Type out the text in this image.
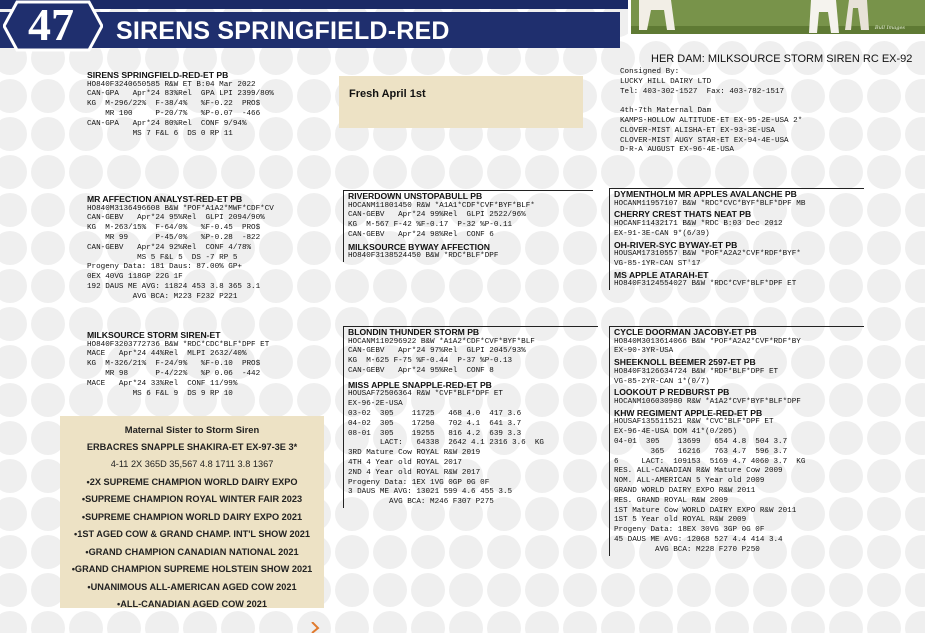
47	SIRENS SPRINGFIELD-RED	Bull Images
SIRENS SPRINGFIELD-RED-ET PB
HO840F3240650585 R&W ET B:04 Mar 2022
CAN-GPA   Apr*24 83%Rel  GPA LPI 2399/80%
KG  M-296/22%  F-38/4%   %F-0.22  PRO$
MR 100     P-20/7%   %P-0.07  -466
CAN-GPA   Apr*24 80%Rel  CONF 9/94%
MS 7 F&L 6  DS 0 RP 11
Fresh April 1st
HER DAM: MILKSOURCE STORM SIREN RC EX-92
Consigned By:
LUCKY HILL DAIRY LTD
Tel: 403-302-1527  Fax: 403-782-1517

4th-7th Maternal Dam
KAMPS-HOLLOW ALTITUDE-ET EX-95-2E-USA 2*
CLOVER-MIST ALISHA-ET EX-93-3E-USA
CLOVER-MIST AUGY STAR-ET EX-94-4E-USA
D-R-A AUGUST EX-96-4E-USA
MR AFFECTION ANALYST-RED-ET PB
HO840M3136496608 B&W *POF*A1A2*MWF*CDF*CV
CAN-GEBV   Apr*24 95%Rel  GLPI 2094/90%
KG  M-263/15%  F-64/0%   %F-0.45  PRO$
MR 99      P-45/0%   %P-0.28  -822
CAN-GEBV   Apr*24 92%Rel  CONF 4/78%
MS 5 F&L 5  DS -7 RP 5
Progeny Data: 181 Daus: 87.00% GP+
0EX 40VG 118GP 22G 1F
192 DAUS ME AVG: 11824 453 3.8 365 3.1
AVG BCA: M223 F232 P221
MILKSOURCE STORM SIREN-ET
HO840F3203772736 B&W *RDC*CDC*BLF*DPF ET
MACE   Apr*24 44%Rel  MLPI 2632/40%
KG  M-326/21%  F-24/9%   %F-0.10  PRO$
MR 98      P-4/22%   %P 0.06  -442
MACE   Apr*24 33%Rel  CONF 11/99%
MS 6 F&L 9  DS 9 RP 10
Maternal Sister to Storm Siren
ERBACRES SNAPPLE SHAKIRA-ET EX-97-3E 3*
4-11 2X 365D 35,567 4.8 1711 3.8 1367
•2X SUPREME CHAMPION WORLD DAIRY EXPO
•SUPREME CHAMPION ROYAL WINTER FAIR 2023
•SUPREME CHAMPION WORLD DAIRY EXPO 2021
•1ST AGED COW & GRAND CHAMP. INT'L SHOW 2021
•GRAND CHAMPION CANADIAN NATIONAL 2021
•GRAND CHAMPION SUPREME HOLSTEIN SHOW 2021
•UNANIMOUS ALL-AMERICAN AGED COW 2021
•ALL-CANADIAN AGED COW 2021
RIVERDOWN UNSTOPABULL PB
HOCANM11801450 R&W *A1A1*CDF*CVF*BYF*BLF*
CAN-GEBV   Apr*24 99%Rel  GLPI 2522/96%
KG  M-567 F-42 %F-0.17  P-32 %P-0.11
CAN-GEBV   Apr*24 98%Rel  CONF 6
MILKSOURCE BYWAY AFFECTION
HO840F3138524450 B&W *RDC*BLF*DPF
BLONDIN THUNDER STORM PB
HOCANM110296922 B&W *A1A2*CDF*CVF*BYF*BLF
CAN-GEBV   Apr*24 97%Rel  GLPI 2045/93%
KG  M-625 F-75 %F-0.44  P-37 %P-0.13
CAN-GEBV   Apr*24 95%Rel  CONF 8
MISS APPLE SNAPPLE-RED-ET PB
HOUSAF72506364 R&W *CVF*BLF*DPF ET
EX-96-2E-USA
03-02  305    11725   468 4.0  417 3.6
04-02  305    17250   702 4.1  641 3.7
08-01  305    19255   816 4.2  639 3.3
LACT:   64338  2642 4.1 2316 3.6  KG
3RD Mature Cow ROYAL R&W 2019
4TH 4 Year old ROYAL 2017
2ND 4 Year old ROYAL R&W 2017
Progeny Data: 1EX 1VG 0GP 0G 0F
3 DAUS ME AVG: 13021 599 4.6 455 3.5
AVG BCA: M246 F307 P275
DYMENTHOLM MR APPLES AVALANCHE PB
HOCANM11957107 B&W *RDC*CVC*BYF*BLF*DPF MB
CHERRY CREST THATS NEAT PB
HOCANF11432171 B&W *RDC B:03 Dec 2012
EX-91-3E-CAN 9*(6/39)
OH-RIVER-SYC BYWAY-ET PB
HOUSAM17310557 B&W *POF*A2A2*CVF*RDF*BYF*
VG-85-1YR-CAN ST'17
MS APPLE ATARAH-ET
HO840F3124554027 B&W *RDC*CVF*BLF*DPF ET
CYCLE DOORMAN JACOBY-ET PB
HO840M3013614066 B&W *POF*A2A2*CVF*RDF*BY
EX-90-3YR-USA
SHEEKNOLL BEEMER 2597-ET PB
HO840F3126634724 B&W *RDF*BLF*DPF ET
VG-85-2YR-CAN 1*(0/7)
LOOKOUT P REDBURST PB
HOCANM106030980 R&W *A1A2*CVF*BYF*BLF*DPF
KHW REGIMENT APPLE-RED-ET PB
HOUSAF135511521 R&W *CVC*BLF*DPF ET
EX-96-4E-USA DOM 41*(0/205)
04-01  305    13699   654 4.8  504 3.7
365   16216   763 4.7  596 3.7
6     LACT:  109153  5169 4.7 4060 3.7  KG
RES. ALL-CANADIAN R&W Mature Cow 2009
NOM. ALL-AMERICAN 5 Year old 2009
GRAND WORLD DAIRY EXPO R&W 2011
RES. GRAND ROYAL R&W 2009
1ST Mature Cow WORLD DAIRY EXPO R&W 2011
1ST 5 Year old ROYAL R&W 2009
Progeny Data: 18EX 30VG 3GP 0G 0F
45 DAUS ME AVG: 12068 527 4.4 414 3.4
AVG BCA: M228 F270 P250
